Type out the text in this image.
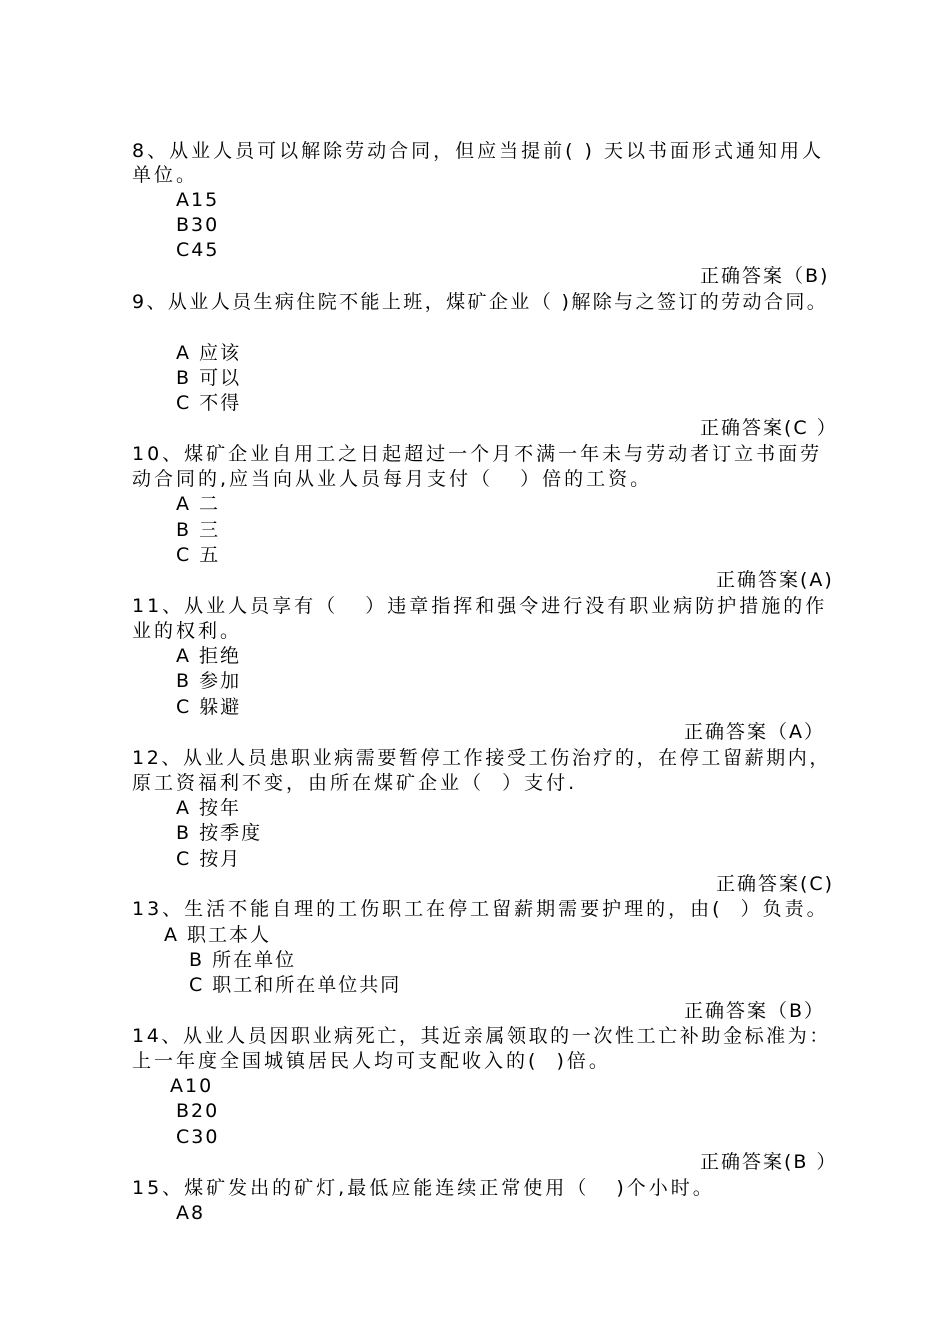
8、从业人员可以解除劳动合同，但应当提前( ) 天以书面形式通知用人
单位。
A15
B30
C45
正确答案（B)
9、从业人员生病住院不能上班，煤矿企业（ )解除与之签订的劳动合同。
A 应该
B 可以
C 不得
正确答案(C ）
10、煤矿企业自用工之日起超过一个月不满一年未与劳动者订立书面劳
动合同的,应当向从业人员每月支付（   ）倍的工资。
A 二
B 三
C 五
正确答案(A)
11、从业人员享有（   ）违章指挥和强令进行没有职业病防护措施的作
业的权利。
A 拒绝
B 参加
C 躲避
正确答案（A）
12、从业人员患职业病需要暂停工作接受工伤治疗的，在停工留薪期内，
原工资福利不变，由所在煤矿企业（  ）支付.
A 按年
B 按季度
C 按月
正确答案(C)
13、生活不能自理的工伤职工在停工留薪期需要护理的，由(  ）负责。
A 职工本人
B 所在单位
C 职工和所在单位共同
正确答案（B）
14、从业人员因职业病死亡，其近亲属领取的一次性工亡补助金标准为：
上一年度全国城镇居民人均可支配收入的(  )倍。
A10
B20
C30
正确答案(B ）
15、煤矿发出的矿灯,最低应能连续正常使用（   )个小时。
A8
